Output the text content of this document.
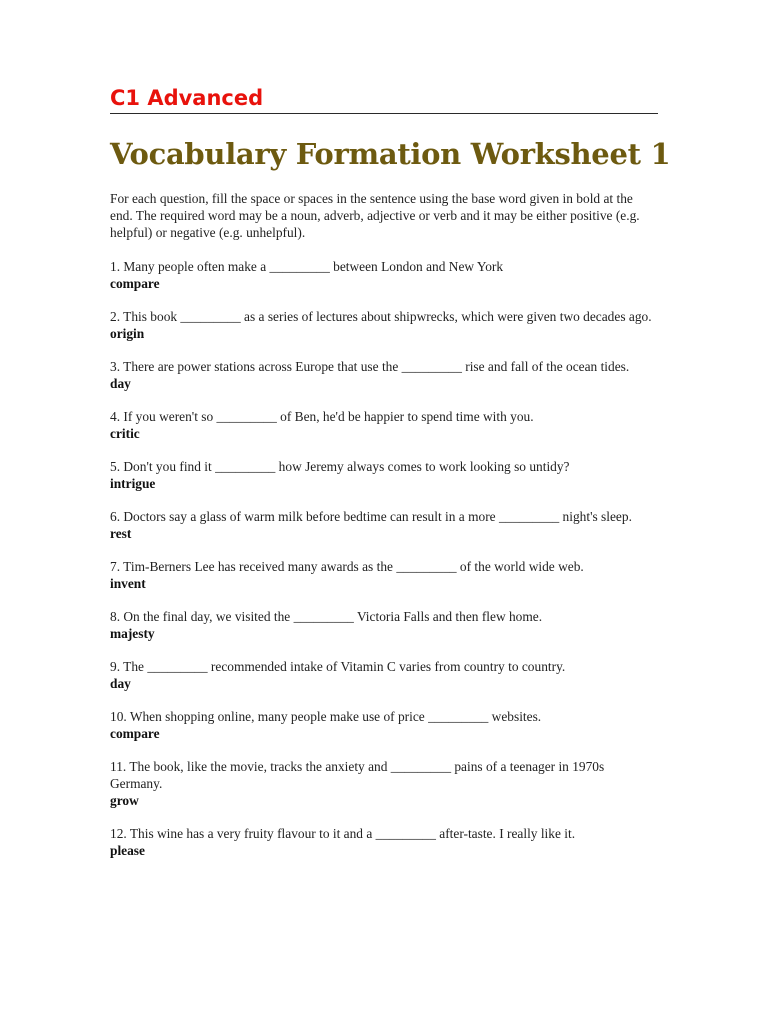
C1 Advanced
Vocabulary Formation Worksheet 1

For each question, fill the space or spaces in the sentence using the base word given in bold at the end. The required word may be a noun, adverb, adjective or verb and it may be either positive (e.g. helpful) or negative (e.g. unhelpful).

1. Many people often make a _________ between London and New York
compare
2. This book _________ as a series of lectures about shipwrecks, which were given two decades ago.
origin
3. There are power stations across Europe that use the _________ rise and fall of the ocean tides.
day
4. If you weren't so _________ of Ben, he'd be happier to spend time with you.
critic
5. Don't you find it _________ how Jeremy always comes to work looking so untidy?
intrigue
6. Doctors say a glass of warm milk before bedtime can result in a more _________ night's sleep.
rest
7. Tim-Berners Lee has received many awards as the _________ of the world wide web.
invent
8. On the final day, we visited the _________ Victoria Falls and then flew home.
majesty
9. The _________ recommended intake of Vitamin C varies from country to country.
day
10. When shopping online, many people make use of price _________ websites.
compare
11. The book, like the movie, tracks the anxiety and _________ pains of a teenager in 1970s Germany.
grow
12. This wine has a very fruity flavour to it and a _________ after-taste. I really like it.
please
